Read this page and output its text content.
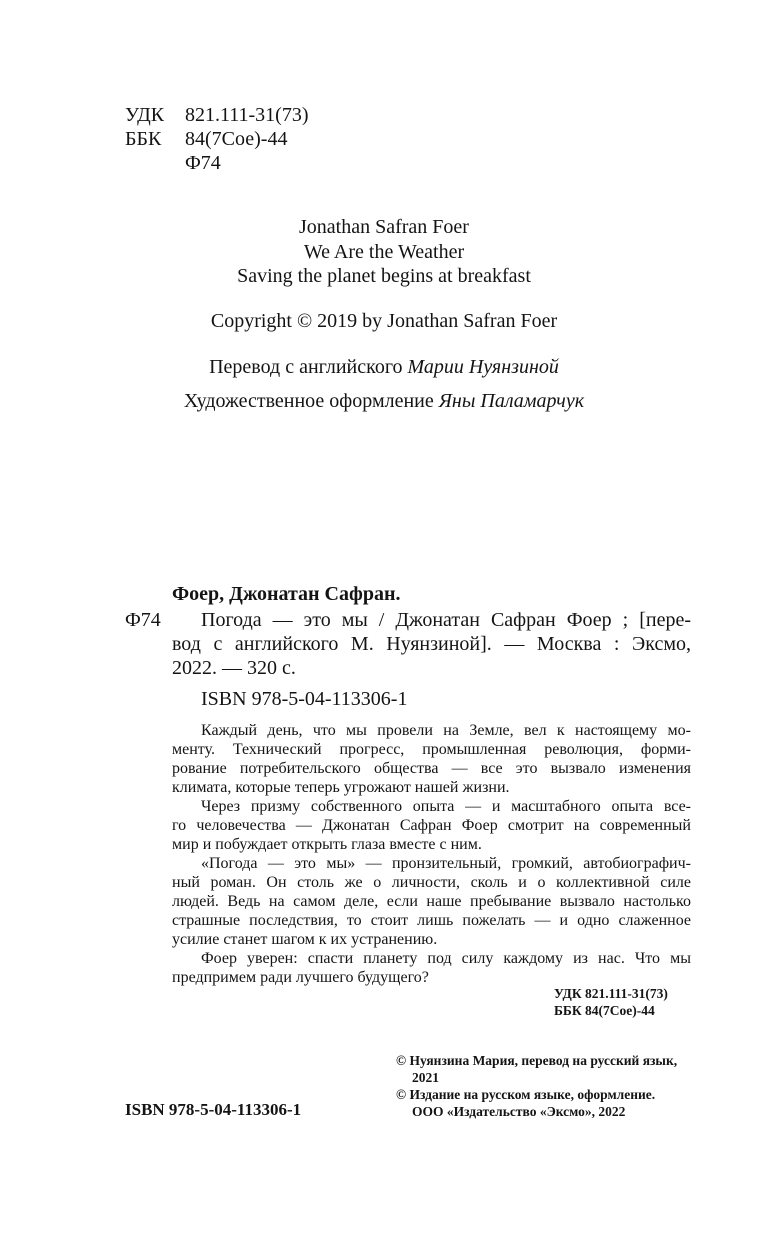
УДК 821.111-31(73)
ББК 84(7Сое)-44
Ф74
Jonathan Safran Foer
We Are the Weather
Saving the planet begins at breakfast
Copyright © 2019 by Jonathan Safran Foer
Перевод с английского Марии Нуянзиной
Художественное оформление Яны Паламарчук
Фоер, Джонатан Сафран.
Ф74 Погода — это мы / Джонатан Сафран Фоер ; [пере-
вод с английского М. Нуянзиной]. — Москва : Эксмо,
2022. — 320 с.
ISBN 978-5-04-113306-1
Каждый день, что мы провели на Земле, вел к настоящему мо-
менту. Технический прогресс, промышленная революция, форми-
рование потребительского общества — все это вызвало изменения
климата, которые теперь угрожают нашей жизни.
Через призму собственного опыта — и масштабного опыта все-
го человечества — Джонатан Сафран Фоер смотрит на современный
мир и побуждает открыть глаза вместе с ним.
«Погода — это мы» — пронзительный, громкий, автобиографич-
ный роман. Он столь же о личности, сколь и о коллективной силе
людей. Ведь на самом деле, если наше пребывание вызвало настолько
страшные последствия, то стоит лишь пожелать — и одно слаженное
усилие станет шагом к их устранению.
Фоер уверен: спасти планету под силу каждому из нас. Что мы
предпримем ради лучшего будущего?
УДК 821.111-31(73)
ББК 84(7Сое)-44
© Нуянзина Мария, перевод на русский язык,
2021
© Издание на русском языке, оформление.
ООО «Издательство «Эксмо», 2022
ISBN 978-5-04-113306-1
